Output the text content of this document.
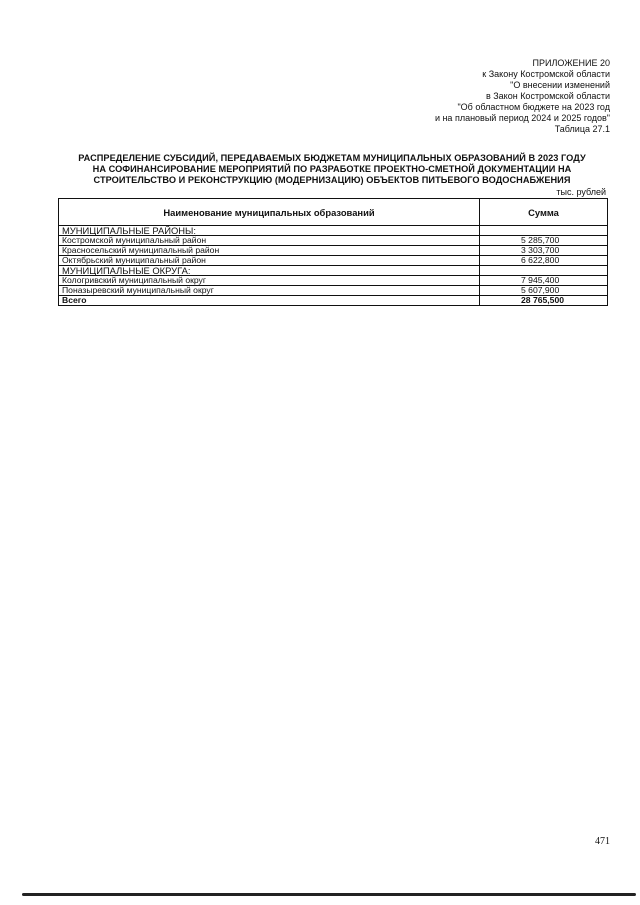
ПРИЛОЖЕНИЕ 20
к Закону Костромской области
"О внесении изменений
в Закон Костромской области
"Об областном бюджете на 2023 год
и на плановый период 2024 и 2025 годов"
Таблица 27.1
РАСПРЕДЕЛЕНИЕ СУБСИДИЙ, ПЕРЕДАВАЕМЫХ БЮДЖЕТАМ МУНИЦИПАЛЬНЫХ ОБРАЗОВАНИЙ В 2023 ГОДУ
НА СОФИНАНСИРОВАНИЕ МЕРОПРИЯТИЙ ПО РАЗРАБОТКЕ ПРОЕКТНО-СМЕТНОЙ ДОКУМЕНТАЦИИ НА
СТРОИТЕЛЬСТВО И РЕКОНСТРУКЦИЮ (МОДЕРНИЗАЦИЮ) ОБЪЕКТОВ ПИТЬЕВОГО ВОДОСНАБЖЕНИЯ
тыс. рублей
Наименование муниципальных образований	Сумма
МУНИЦИПАЛЬНЫЕ РАЙОНЫ:	
Костромской муниципальный район	5 285,700
Красносельский муниципальный район	3 303,700
Октябрьский муниципальный район	6 622,800
МУНИЦИПАЛЬНЫЕ ОКРУГА:	
Кологривский муниципальный округ	7 945,400
Поназыревский муниципальный округ	5 607,900
Всего	28 765,500
471
